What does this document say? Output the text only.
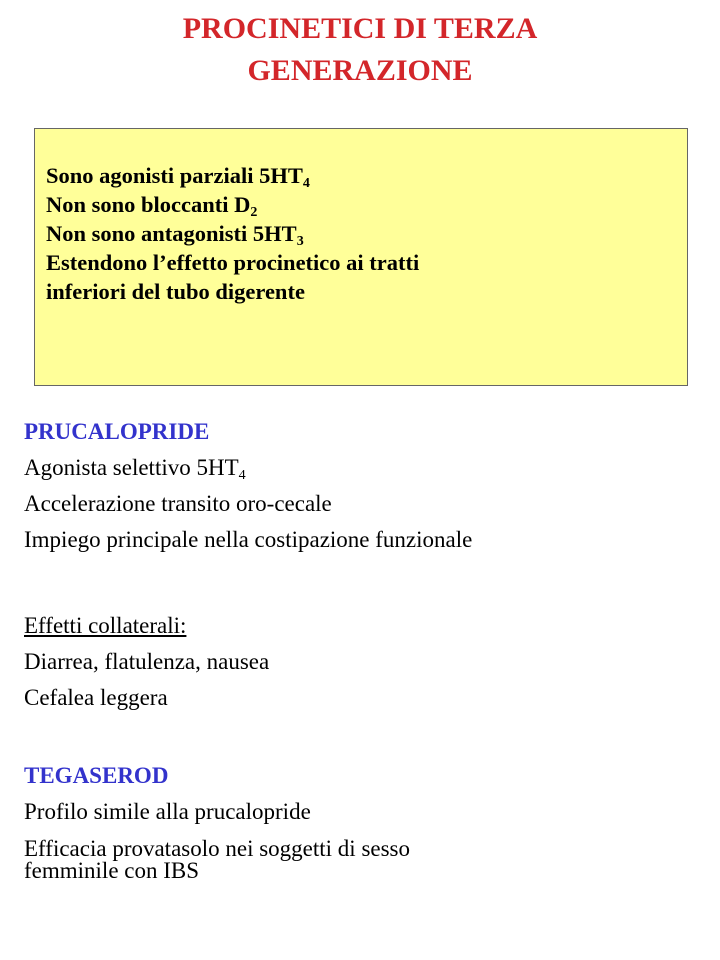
PROCINETICI DI TERZA
GENERAZIONE
Sono agonisti parziali $5HT_4$
Non sono bloccanti $D_2$
Non sono antagonisti $5HT_3$
Estendono l’effetto procinetico ai tratti
inferiori del tubo digerente
PRUCALOPRIDE
Agonista selettivo $5HT_4$
Accelerazione transito oro-cecale
Impiego principale nella costipazione funzionale
Effetti collaterali:
Diarrea, flatulenza, nausea
Cefalea leggera
TEGASEROD
Profilo simile alla prucalopride
Efficacia provatasolo nei soggetti di sesso
femminile con IBS
